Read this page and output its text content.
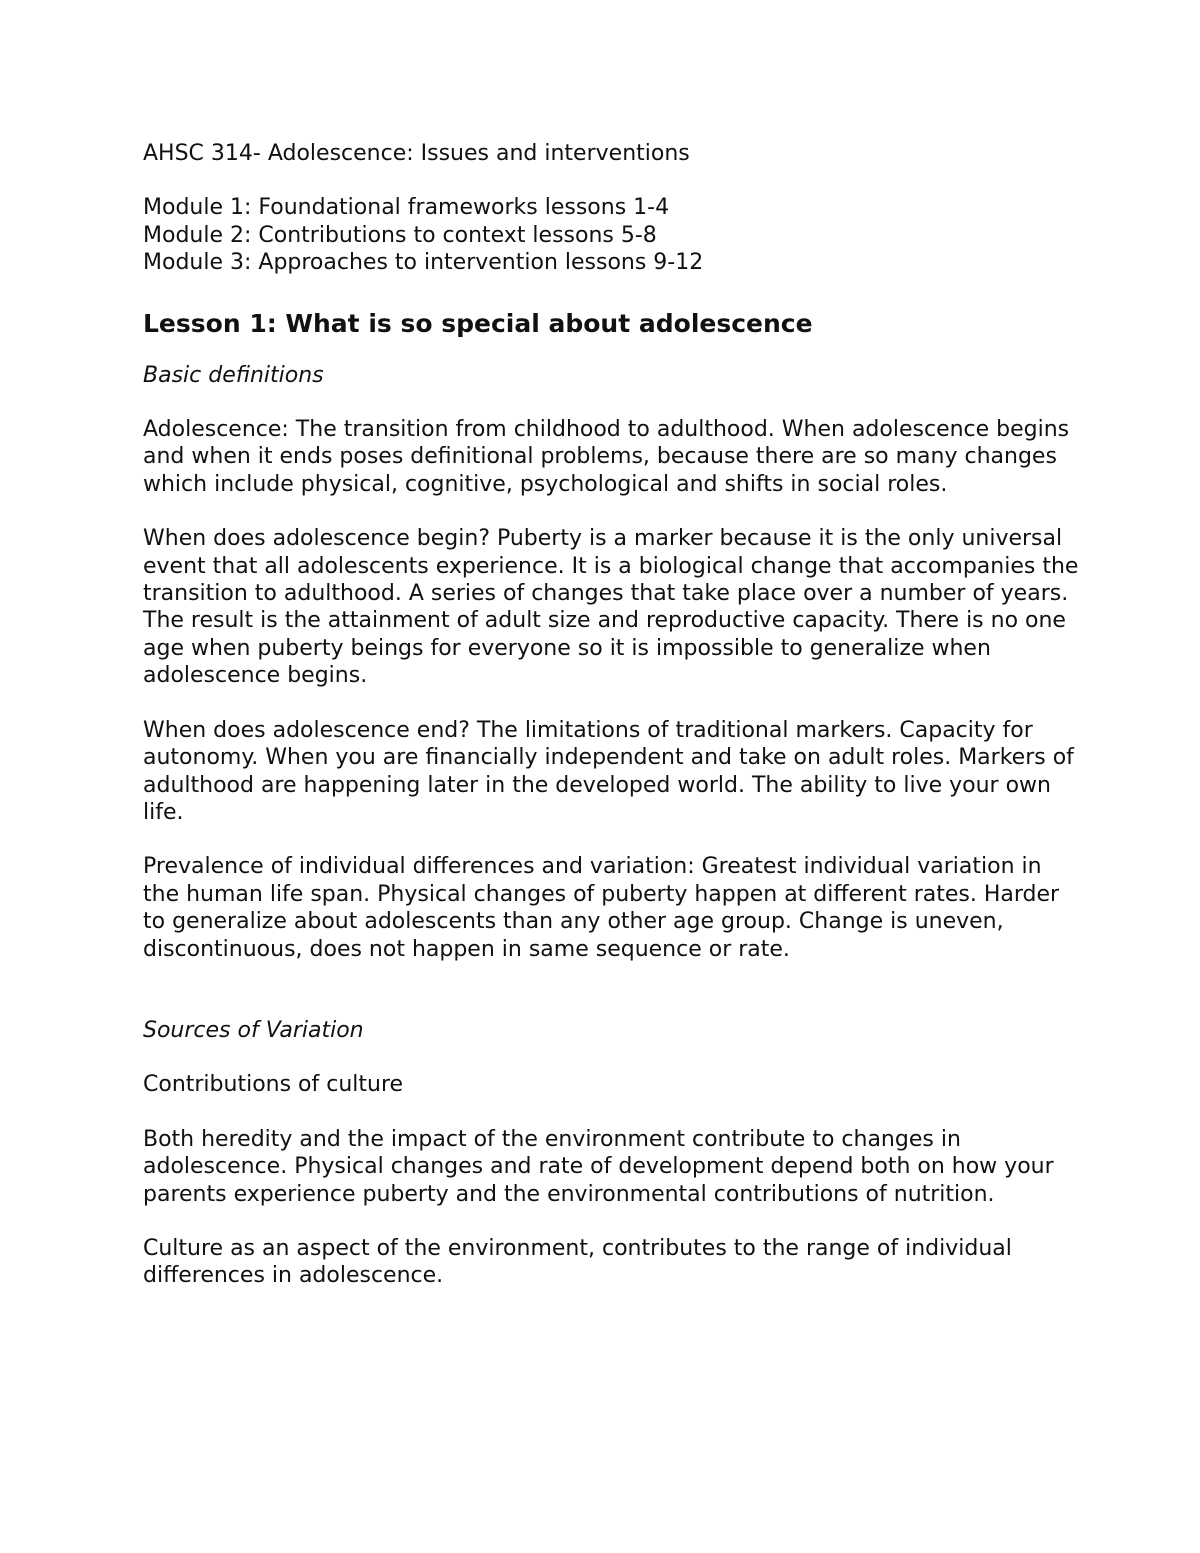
AHSC 314- Adolescence: Issues and interventions

Module 1: Foundational frameworks lessons 1-4

Module 2: Contributions to context lessons 5-8

Module 3: Approaches to intervention lessons 9-12

Lesson 1: What is so special about adolescence

Basic definitions

Adolescence: The transition from childhood to adulthood. When adolescence begins and when it ends poses definitional problems, because there are so many changes which include physical, cognitive, psychological and shifts in social roles.

When does adolescence begin? Puberty is a marker because it is the only universal event that all adolescents experience. It is a biological change that accompanies the transition to adulthood. A series of changes that take place over a number of years. The result is the attainment of adult size and reproductive capacity. There is no one age when puberty beings for everyone so it is impossible to generalize when adolescence begins.

When does adolescence end? The limitations of traditional markers. Capacity for autonomy. When you are financially independent and take on adult roles. Markers of adulthood are happening later in the developed world. The ability to live your own life.

Prevalence of individual differences and variation: Greatest individual variation in the human life span. Physical changes of puberty happen at different rates. Harder to generalize about adolescents than any other age group. Change is uneven, discontinuous, does not happen in same sequence or rate.

Sources of Variation

Contributions of culture

Both heredity and the impact of the environment contribute to changes in adolescence. Physical changes and rate of development depend both on how your parents experience puberty and the environmental contributions of nutrition.

Culture as an aspect of the environment, contributes to the range of individual differences in adolescence.
